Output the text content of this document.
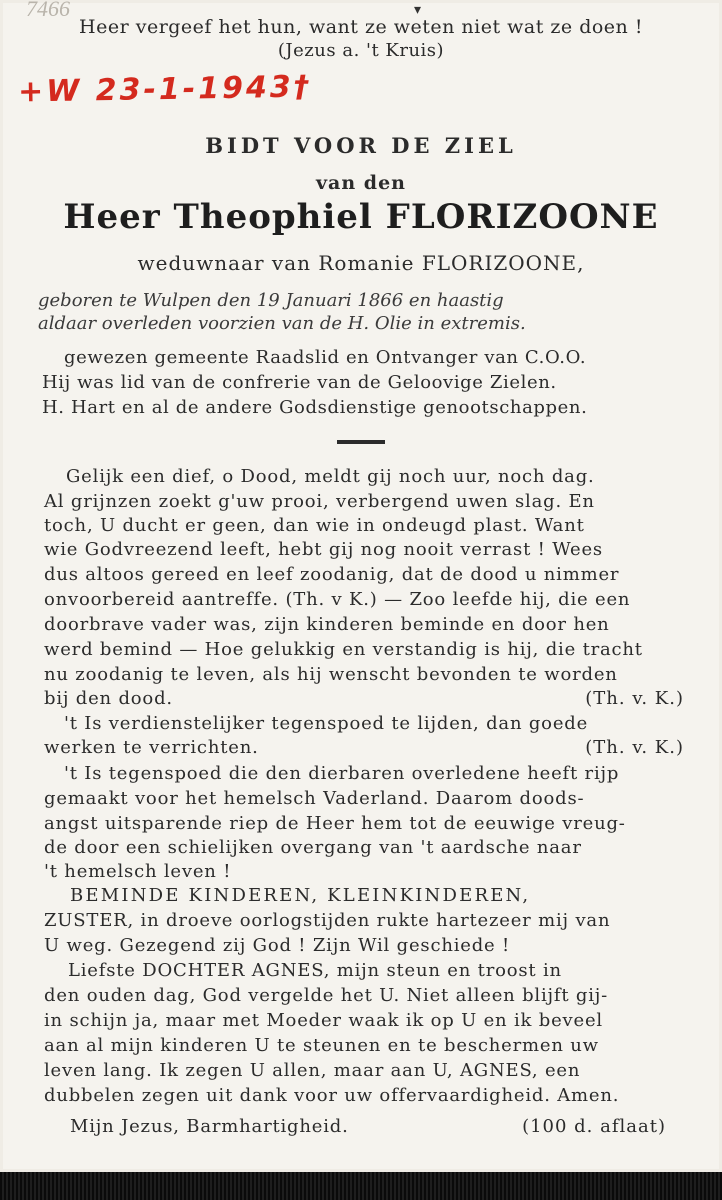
7466	▾
Heer vergeef het hun, want ze weten niet wat ze doen !
(Jezus a. 't Kruis)
+W 23-1-1943†
BIDT VOOR DE ZIEL
van den
Heer Theophiel FLORIZOONE
weduwnaar van Romanie FLORIZOONE,
geboren te Wulpen den 19 Januari 1866 en haastig
aldaar overleden voorzien van de H. Olie in extremis.
gewezen gemeente Raadslid en Ontvanger van C.O.O.
Hij was lid van de confrerie van de Geloovige Zielen.
H. Hart en al de andere Godsdienstige genootschappen.
Gelijk een dief, o Dood, meldt gij noch uur, noch dag.
Al grijnzen zoekt g'uw prooi, verbergend uwen slag. En
toch, U ducht er geen, dan wie in ondeugd plast. Want
wie Godvreezend leeft, hebt gij nog nooit verrast ! Wees
dus altoos gereed en leef zoodanig, dat de dood u nimmer
onvoorbereid aantreffe. (Th. v K.) — Zoo leefde hij, die een
doorbrave vader was, zijn kinderen beminde en door hen
werd bemind — Hoe gelukkig en verstandig is hij, die tracht
nu zoodanig te leven, als hij wenscht bevonden te worden
bij den dood.	(Th. v. K.)
't Is verdienstelijker tegenspoed te lijden, dan goede
werken te verrichten.	(Th. v. K.)
't Is tegenspoed die den dierbaren overledene heeft rijp
gemaakt voor het hemelsch Vaderland. Daarom doods-
angst uitsparende riep de Heer hem tot de eeuwige vreug-
de door een schielijken overgang van 't aardsche naar
't hemelsch leven !
BEMINDE KINDEREN, KLEINKINDEREN,
ZUSTER, in droeve oorlogstijden rukte hartezeer mij van
U weg. Gezegend zij God ! Zijn Wil geschiede !
Liefste DOCHTER AGNES, mijn steun en troost in
den ouden dag, God vergelde het U. Niet alleen blijft gij-
in schijn ja, maar met Moeder waak ik op U en ik beveel
aan al mijn kinderen U te steunen en te beschermen uw
leven lang. Ik zegen U allen, maar aan U, AGNES, een
dubbelen zegen uit dank voor uw offervaardigheid. Amen.
Mijn Jezus, Barmhartigheid.	(100 d. aflaat)
